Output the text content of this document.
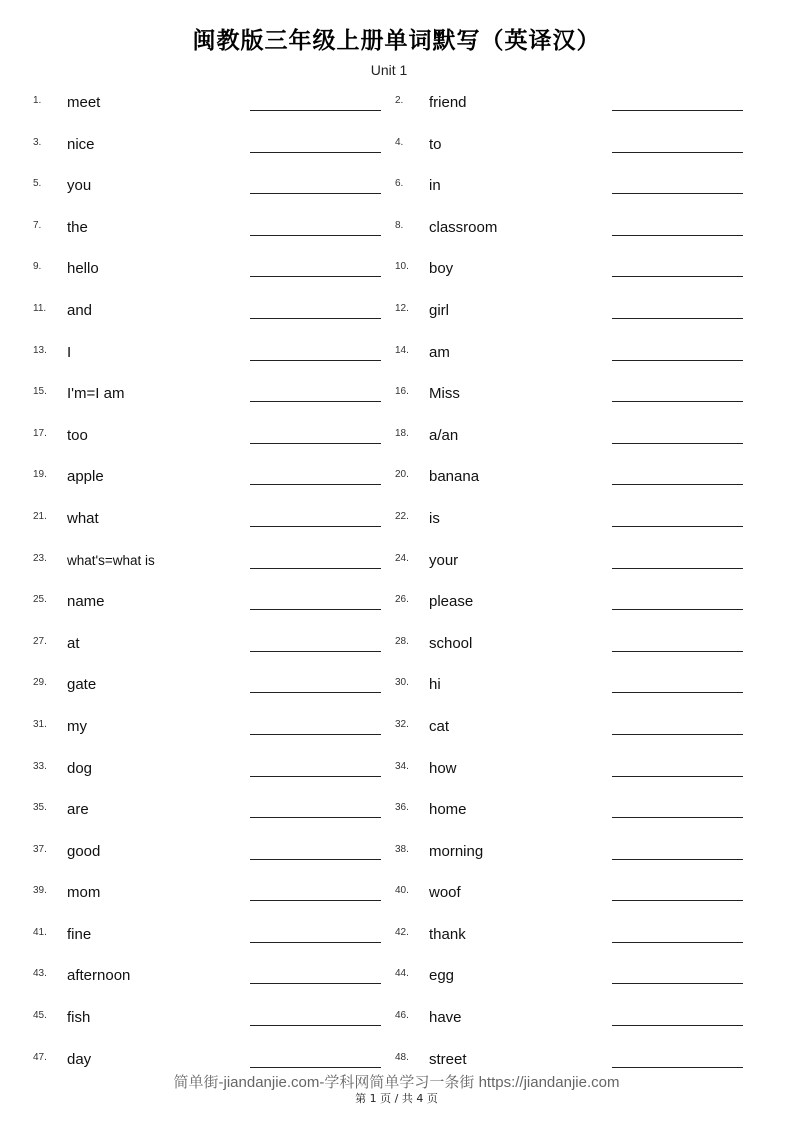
闽教版三年级上册单词默写（英译汉）
Unit 1
1. meet	2. friend
3. nice	4. to
5. you	6. in
7. the	8. classroom
9. hello	10. boy
11. and	12. girl
13. I	14. am
15. I'm=I am	16. Miss
17. too	18. a/an
19. apple	20. banana
21. what	22. is
23. what's=what is	24. your
25. name	26. please
27. at	28. school
29. gate	30. hi
31. my	32. cat
33. dog	34. how
35. are	36. home
37. good	38. morning
39. mom	40. woof
41. fine	42. thank
43. afternoon	44. egg
45. fish	46. have
47. day	48. street
简单街-jiandanjie.com-学科网简单学习一条街 https://jiandanjie.com
第 1 页 / 共 4 页
